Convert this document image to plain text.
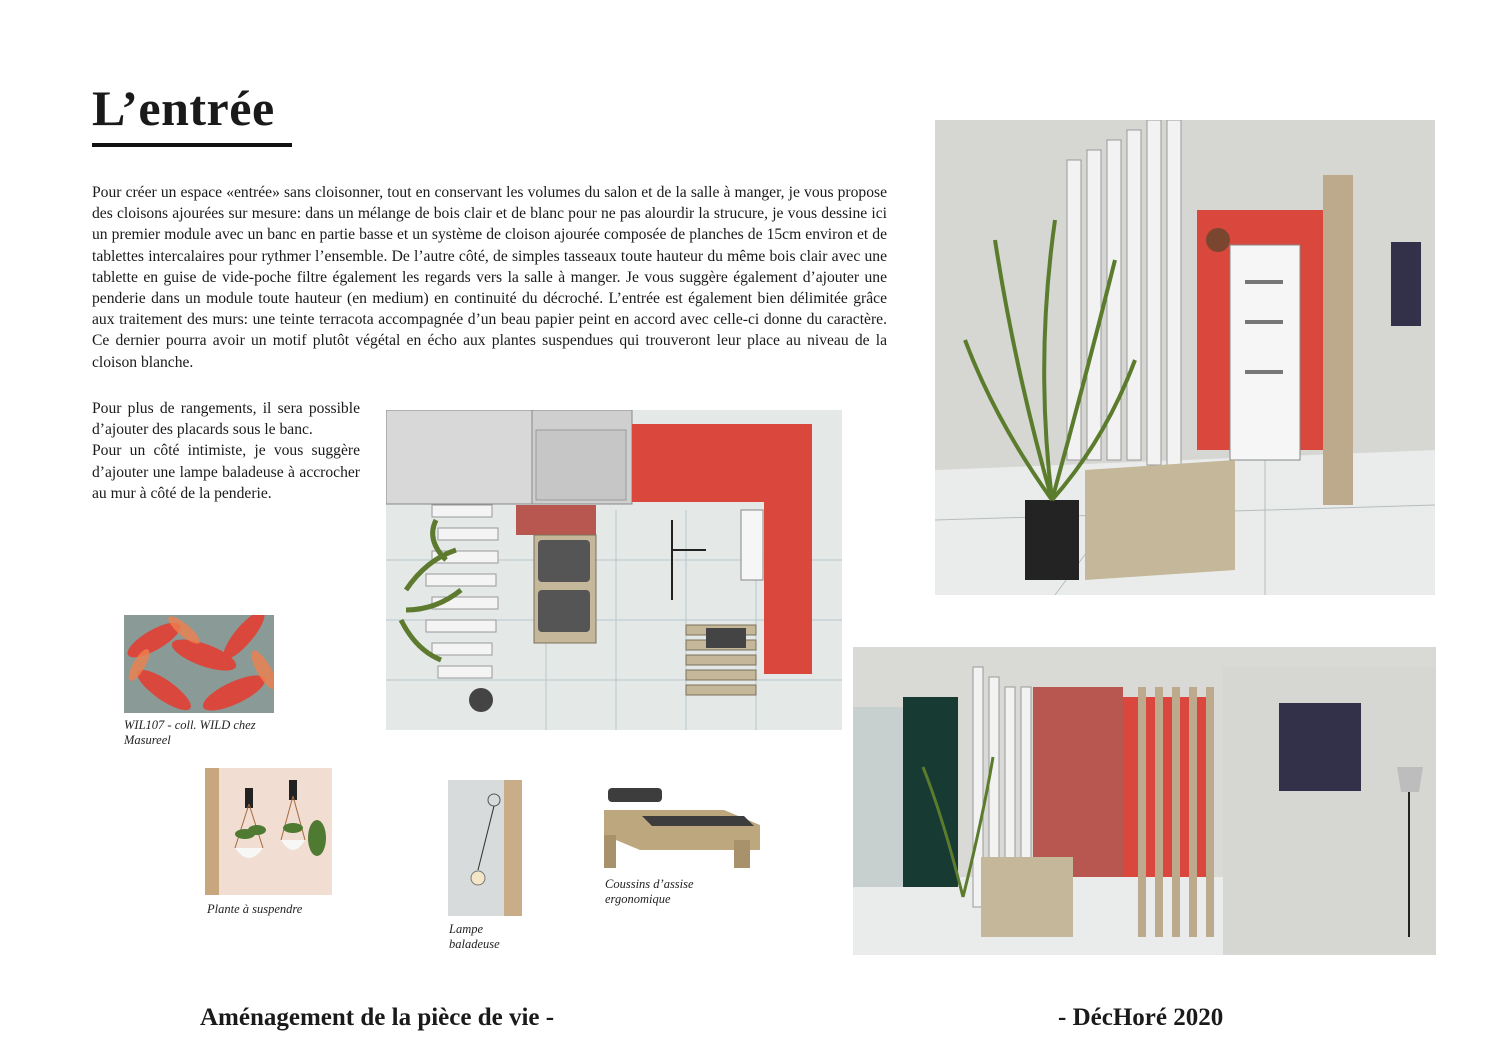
L’entrée

Pour créer un espace «entrée» sans cloisonner, tout en conservant les volumes du salon et de la salle à manger, je vous propose des cloisons ajourées sur mesure: dans un mélange de bois clair et de blanc pour ne pas alourdir la strucure, je vous dessine ici un premier module avec un banc en partie basse et un système de cloison ajourée composée de planches de 15cm environ et de tablettes intercalaires pour rythmer l’ensemble. De l’autre côté, de simples tasseaux toute hauteur du même bois clair avec une tablette en guise de vide-poche filtre également les regards vers la salle à manger. Je vous suggère également d’ajouter une penderie dans un module toute hauteur (en medium) en continuité du décroché. L’entrée est également bien délimitée grâce aux traitement des murs: une teinte terracota accompagnée d’un beau papier peint en accord avec celle-ci donne du caractère. Ce dernier pourra avoir un motif plutôt végétal en écho aux plantes suspendues qui trouveront leur place au niveau de la cloison blanche.

Pour plus de rangements, il sera possible d’ajouter des placards sous le banc.
Pour un côté intimiste, je vous suggère d’ajouter une lampe baladeuse à accrocher au mur à côté de la penderie.

WIL107 - coll. WILD chez Masureel

Plante à suspendre

Lampe baladeuse

Coussins d’assise ergonomique

Aménagement de la pièce de vie -	- DécHoré 2020
